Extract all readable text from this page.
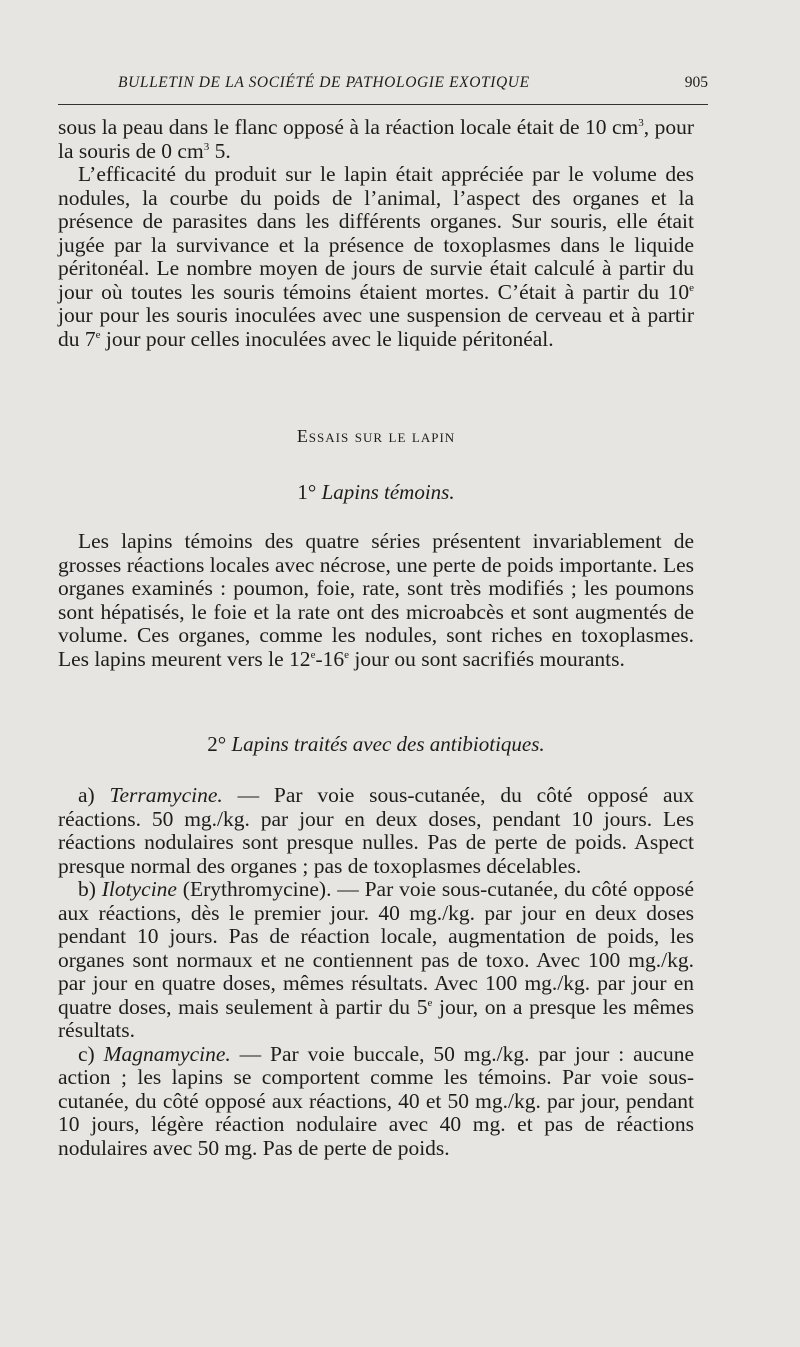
BULLETIN DE LA SOCIÉTÉ DE PATHOLOGIE EXOTIQUE	905

sous la peau dans le flanc opposé à la réaction locale était de 10 $cm^3$, pour la souris de 0 $cm^3$ 5.

L’efficacité du produit sur le lapin était appréciée par le volume des nodules, la courbe du poids de l’animal, l’aspect des organes et la présence de parasites dans les différents organes. Sur souris, elle était jugée par la survivance et la présence de toxoplasmes dans le liquide péritonéal. Le nombre moyen de jours de survie était calculé à partir du jour où toutes les souris témoins étaient mortes. C’était à partir du 10e jour pour les souris inoculées avec une suspension de cerveau et à partir du 7e jour pour celles inoculées avec le liquide péritonéal.

Essais sur le lapin
1° Lapins témoins.

Les lapins témoins des quatre séries présentent invariablement de grosses réactions locales avec nécrose, une perte de poids importante. Les organes examinés : poumon, foie, rate, sont très modifiés ; les poumons sont hépatisés, le foie et la rate ont des microabcès et sont augmentés de volume. Ces organes, comme les nodules, sont riches en toxoplasmes. Les lapins meurent vers le 12e-16e jour ou sont sacrifiés mourants.

2° Lapins traités avec des antibiotiques.

a) Terramycine. — Par voie sous-cutanée, du côté opposé aux réactions. 50 mg./kg. par jour en deux doses, pendant 10 jours. Les réactions nodulaires sont presque nulles. Pas de perte de poids. Aspect presque normal des organes ; pas de toxoplasmes décelables.

b) Ilotycine (Erythromycine). — Par voie sous-cutanée, du côté opposé aux réactions, dès le premier jour. 40 mg./kg. par jour en deux doses pendant 10 jours. Pas de réaction locale, augmentation de poids, les organes sont normaux et ne contiennent pas de toxo. Avec 100 mg./kg. par jour en quatre doses, mêmes résultats. Avec 100 mg./kg. par jour en quatre doses, mais seulement à partir du 5e jour, on a presque les mêmes résultats.

c) Magnamycine. — Par voie buccale, 50 mg./kg. par jour : aucune action ; les lapins se comportent comme les témoins. Par voie sous-cutanée, du côté opposé aux réactions, 40 et 50 mg./kg. par jour, pendant 10 jours, légère réaction nodulaire avec 40 mg. et pas de réactions nodulaires avec 50 mg. Pas de perte de poids.
